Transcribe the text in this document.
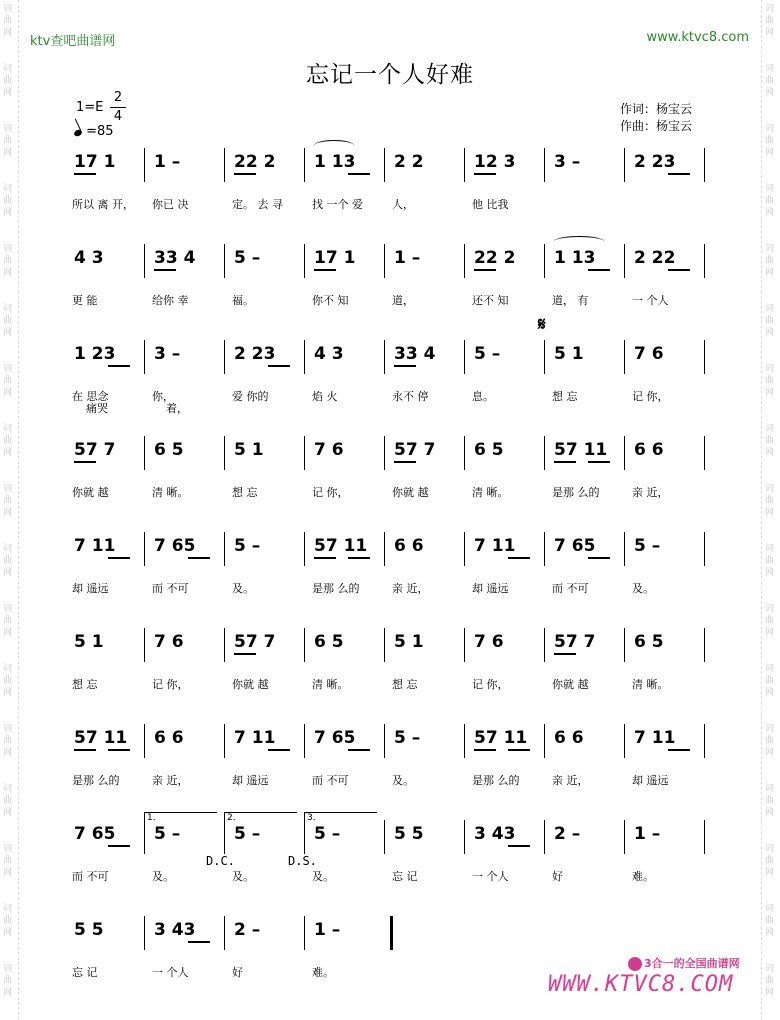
词
曲
网
词
曲
网
词
曲
网
词
曲
网
词
曲
网
词
曲
网
词
曲
网
词
曲
网
词
曲
网
词
曲
网
词
曲
网
词
曲
网
词
曲
网
词
曲
网
词
曲
网
词
曲
网
词
曲
网
词
曲
网
词
曲
网
词
曲
网
词
曲
网
词
曲
网
词
曲
网
词
曲
网
词
曲
网
词
曲
网
词
曲
网
词
曲
网
词
曲
网
词
曲
网
词
曲
网
词
曲
网
词
曲
网
词
曲
网
ktv查吧曲谱网	www.ktvc8.com
忘记一个人好难
1=E
2
4
=85
作词：杨宝云
作曲：杨宝云
17 1 1 –	22 2 1 13 2 2	12 3 3 –	2 23
所以 离 开， 你已 决	定。 去 寻	找 一个 爱	人，	他 比我
4 3	33 4 5 –	17 1 1 –	22 2 1 13 2 22
更 能	给你 幸	福。	你不 知	道，	还不 知	道， 有	一 个人
1 23 3 –	2 23 4 3	33 4 5 –	5 1	7 6
在 思念	你，	爱 你的	焰 火	永不 停	息。	想 忘	记 你，
痛哭	着，
𝄋
57 7 6 5	5 1	7 6	57 7 6 5	57 11 6 6
你就 越	清 晰。	想 忘	记 你，	你就 越	清 晰。	是那 么的	亲 近，
7 11 7 65 5 –	57 11 6 6	7 11 7 65 5 –
却 遥远	而 不可	及。	是那 么的	亲 近，	却 遥远	而 不可	及。
5 1	7 6	57 7 6 5	5 1	7 6	57 7 6 5
想 忘	记 你，	你就 越	清 晰。	想 忘	记 你，	你就 越	清 晰。
57 11 6 6	7 11 7 65 5 –	57 11 6 6	7 11
是那 么的	亲 近，	却 遥远	而 不可	及。	是那 么的	亲 近，	却 遥远
7 65 5 –	5 –	5 –	5 5	3 43 2 –	1 –
而 不可	及。	及。	及。	忘 记	一 个人	好	难。
1.	2.	3.
D.C.	D.S.
5 5	3 43 2 –	1 –
忘 记	一 个人	好	难。
3合一的全国曲谱网
WWW.KTVC8.COM
